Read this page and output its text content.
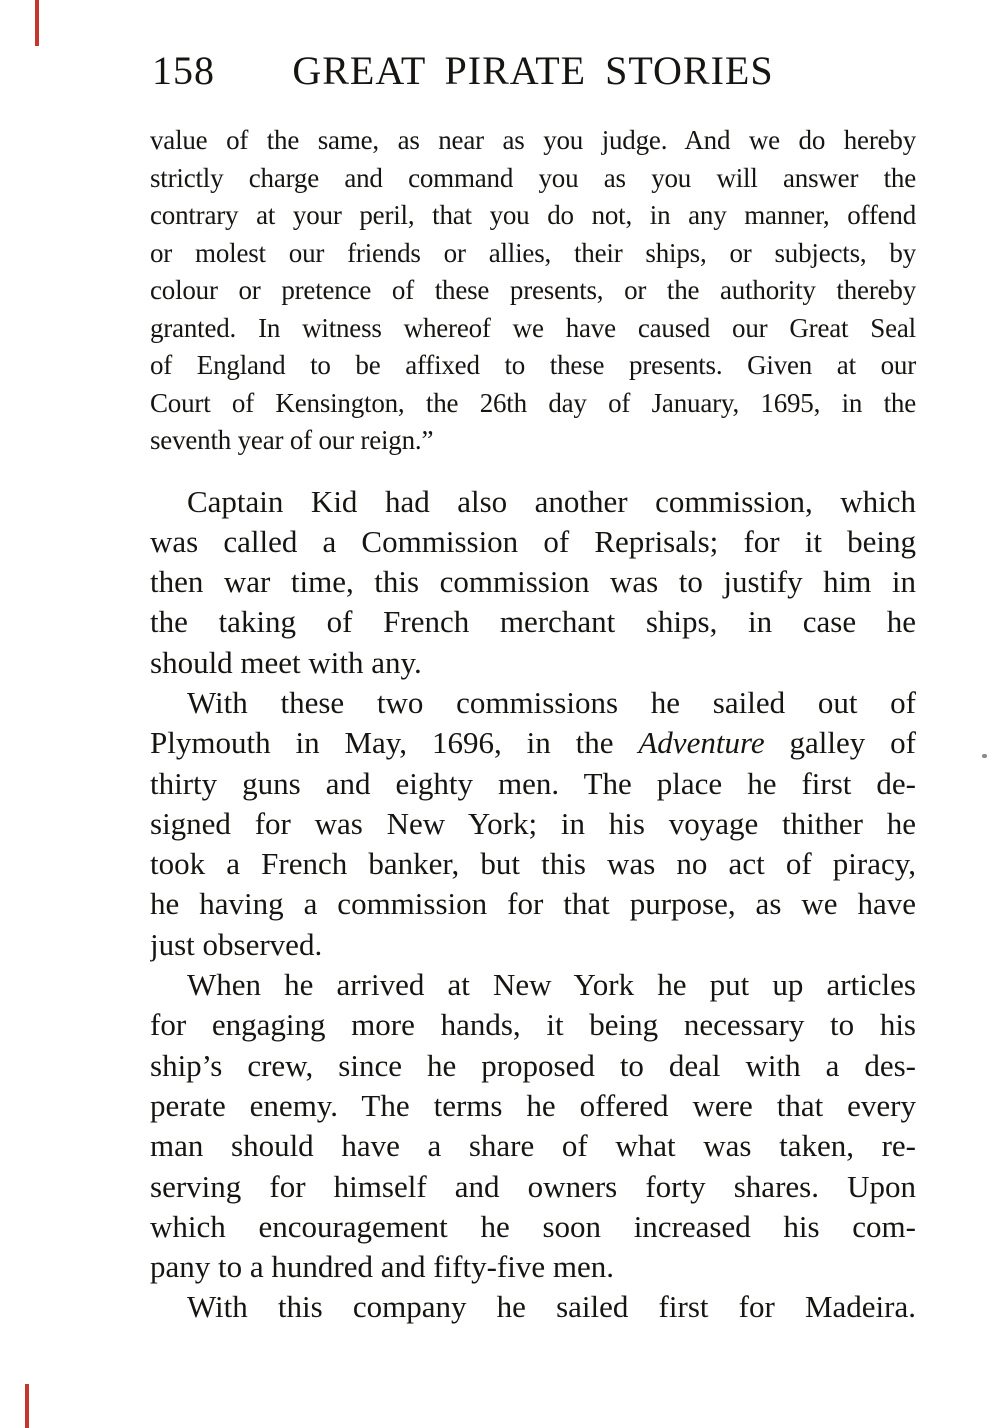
158	GREAT PIRATE STORIES
value of the same, as near as you judge. And we do hereby
strictly charge and command you as you will answer the
contrary at your peril, that you do not, in any manner, offend
or molest our friends or allies, their ships, or subjects, by
colour or pretence of these presents, or the authority thereby
granted. In witness whereof we have caused our Great Seal
of England to be affixed to these presents. Given at our
Court of Kensington, the 26th day of January, 1695, in the
seventh year of our reign.”
Captain Kid had also another commission, which
was called a Commission of Reprisals; for it being
then war time, this commission was to justify him in
the taking of French merchant ships, in case he
should meet with any.
With these two commissions he sailed out of
Plymouth in May, 1696, in the Adventure galley of
thirty guns and eighty men. The place he first de-
signed for was New York; in his voyage thither he
took a French banker, but this was no act of piracy,
he having a commission for that purpose, as we have
just observed.
When he arrived at New York he put up articles
for engaging more hands, it being necessary to his
ship’s crew, since he proposed to deal with a des-
perate enemy. The terms he offered were that every
man should have a share of what was taken, re-
serving for himself and owners forty shares. Upon
which encouragement he soon increased his com-
pany to a hundred and fifty-five men.
With this company he sailed first for Madeira.
